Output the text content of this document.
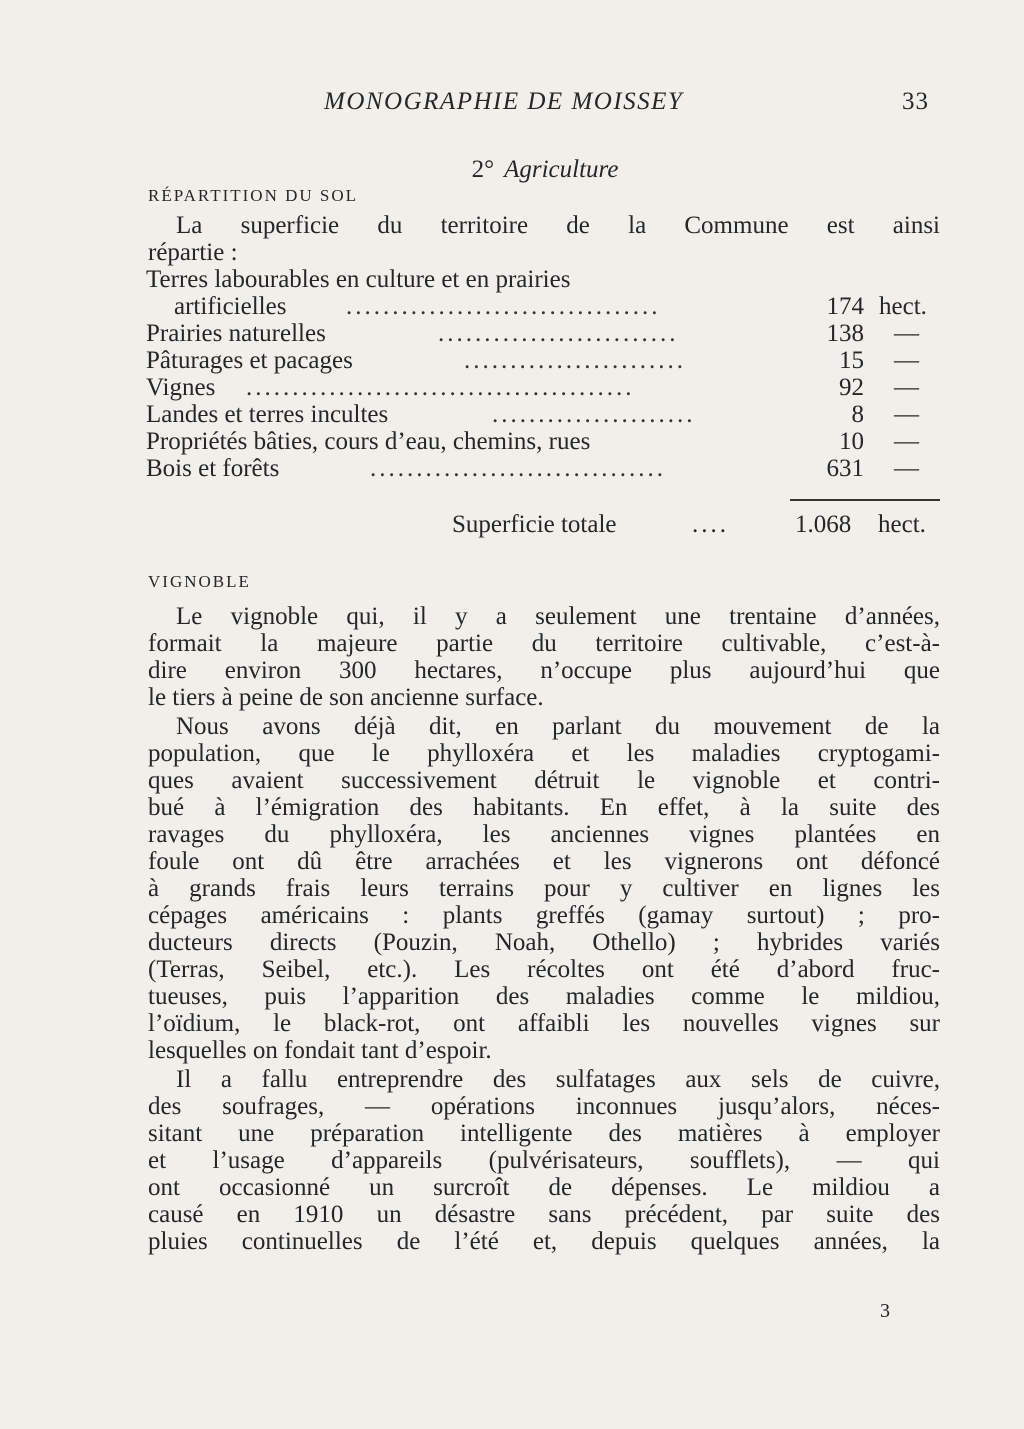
MONOGRAPHIE DE MOISSEY	33
2° Agriculture
RÉPARTITION DU SOL
La superficie du territoire de la Commune est ainsi
répartie :
Terres labourables en culture et en prairies
artificielles ..................................	174 hect.
Prairies naturelles	..........................	138 —
Pâturages et pacages	........................	15 —
Vignes ..........................................	92 —
Landes et terres incultes	......................	8 —
Propriétés bâties, cours d’eau, chemins, rues	10 —
Bois et forêts	................................	631 —
Superficie totale	....	1.068 hect.
VIGNOBLE
Le vignoble qui, il y a seulement une trentaine d’années,
formait la majeure partie du territoire cultivable, c’est-à-
dire environ 300 hectares, n’occupe plus aujourd’hui que
le tiers à peine de son ancienne surface.
Nous avons déjà dit, en parlant du mouvement de la
population, que le phylloxéra et les maladies cryptogami-
ques avaient successivement détruit le vignoble et contri-
bué à l’émigration des habitants. En effet, à la suite des
ravages du phylloxéra, les anciennes vignes plantées en
foule ont dû être arrachées et les vignerons ont défoncé
à grands frais leurs terrains pour y cultiver en lignes les
cépages américains : plants greffés (gamay surtout) ; pro-
ducteurs directs (Pouzin, Noah, Othello) ; hybrides variés
(Terras, Seibel, etc.). Les récoltes ont été d’abord fruc-
tueuses, puis l’apparition des maladies comme le mildiou,
l’oïdium, le black-rot, ont affaibli les nouvelles vignes sur
lesquelles on fondait tant d’espoir.
Il a fallu entreprendre des sulfatages aux sels de cuivre,
des soufrages, — opérations inconnues jusqu’alors, néces-
sitant une préparation intelligente des matières à employer
et l’usage d’appareils (pulvérisateurs, soufflets), — qui
ont occasionné un surcroît de dépenses. Le mildiou a
causé en 1910 un désastre sans précédent, par suite des
pluies continuelles de l’été et, depuis quelques années, la
3
